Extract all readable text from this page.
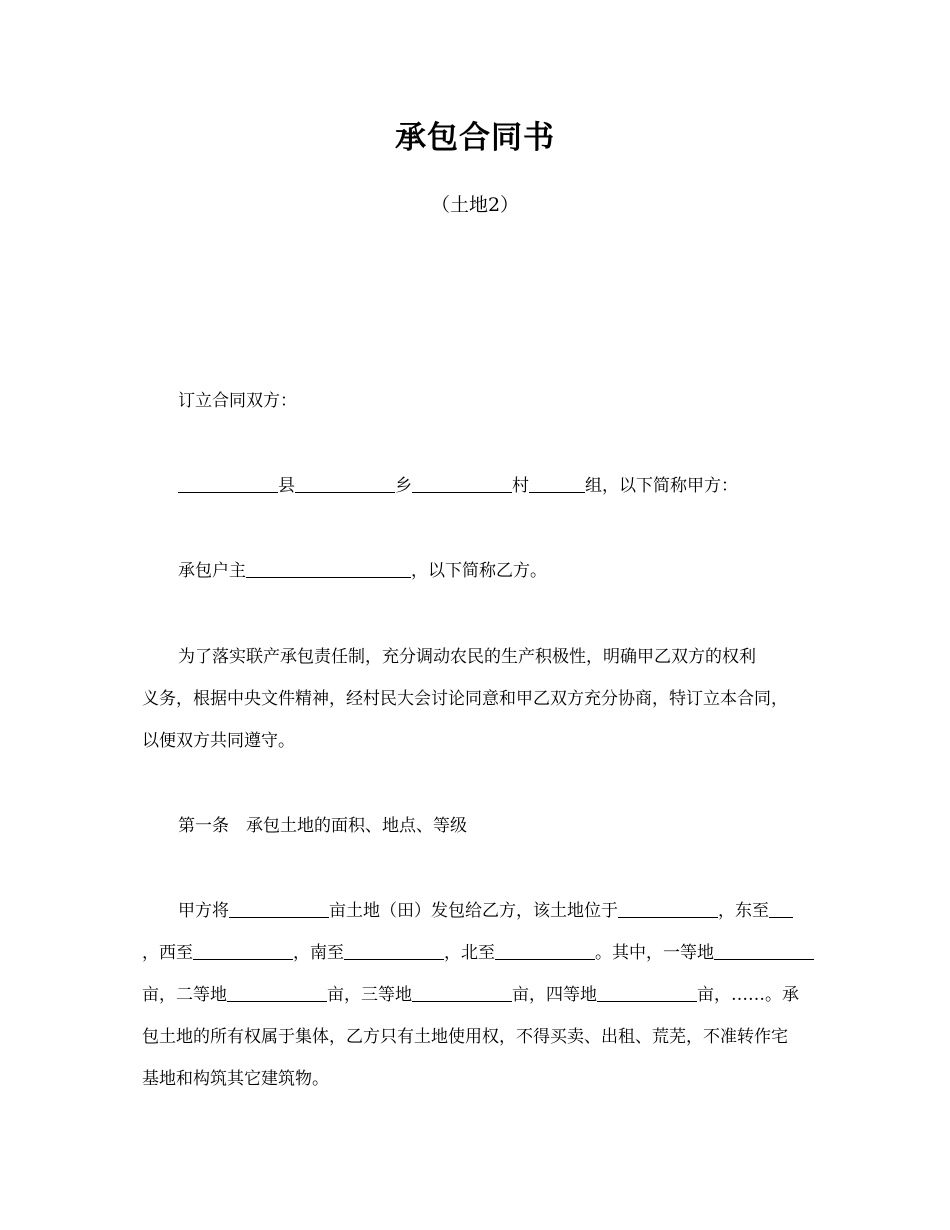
承包合同书
（土地2）
订立合同双方：
县	乡	村	组，以下简称甲方：
承包户主	，以下简称乙方。
为了落实联产承包责任制，充分调动农民的生产积极性，明确甲乙双方的权利
义务，根据中央文件精神，经村民大会讨论同意和甲乙双方充分协商，特订立本合同，
以便双方共同遵守。
第一条　承包土地的面积、地点、等级
甲方将	亩土地（田）发包给乙方，该土地位于	，东至
，西至	，南至	，北至	。其中，一等地
亩，二等地	亩，三等地	亩，四等地	亩，……。承
包土地的所有权属于集体，乙方只有土地使用权，不得买卖、出租、荒芜，不准转作宅
基地和构筑其它建筑物。
